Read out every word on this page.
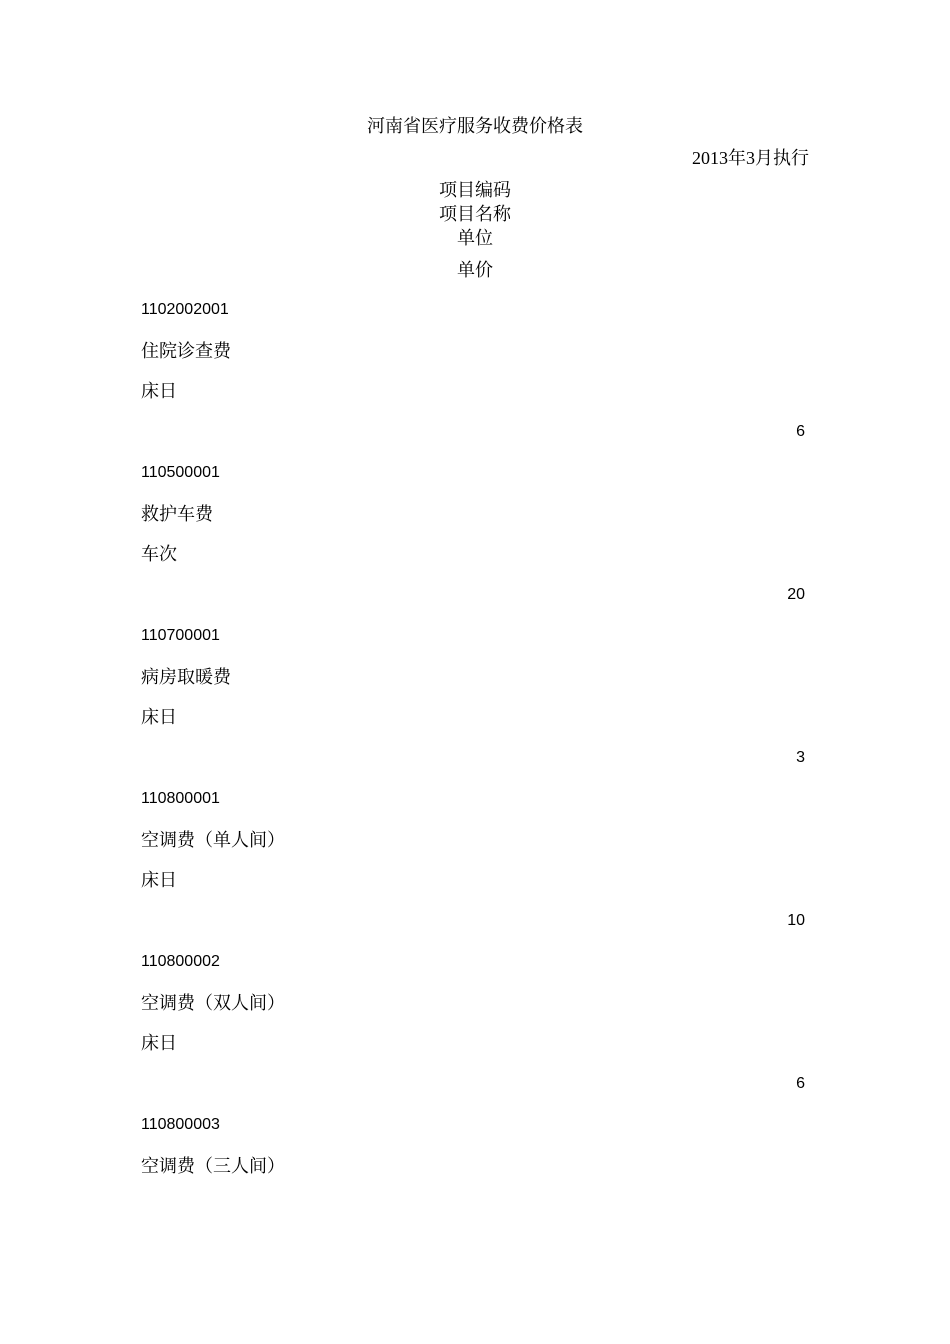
河南省医疗服务收费价格表
2013年3月执行
项目编码
项目名称
单位
单价
1102002001
住院诊查费
床日
6
110500001
救护车费
车次
20
110700001
病房取暖费
床日
3
110800001
空调费（单人间）
床日
10
110800002
空调费（双人间）
床日
6
110800003
空调费（三人间）
